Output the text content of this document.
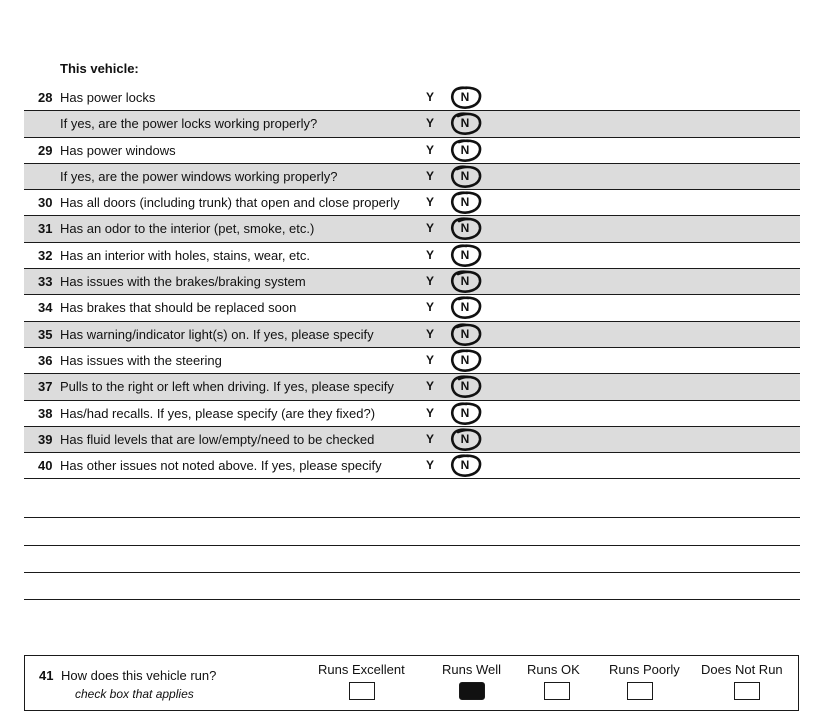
This vehicle:
28 Has power locks	Y	N
If yes, are the power locks working properly?	Y	N
29 Has power windows	Y	N
If yes, are the power windows working properly?	Y	N
30 Has all doors (including trunk) that open and close properly Y	N
31 Has an odor to the interior (pet, smoke, etc.)	Y	N
32 Has an interior with holes, stains, wear, etc.	Y	N
33 Has issues with the brakes/braking system	Y	N
34 Has brakes that should be replaced soon	Y	N
35 Has warning/indicator light(s) on. If yes, please specify	Y	N
36 Has issues with the steering	Y	N
37 Pulls to the right or left when driving. If yes, please specify	Y	N
38 Has/had recalls. If yes, please specify (are they fixed?)	Y	N
39 Has fluid levels that are low/empty/need to be checked	Y	N
40 Has other issues not noted above. If yes, please specify	Y	N
41 How does this vehicle run?
check box that applies
Runs Excellent	Runs Well Runs OK Runs Poorly Does Not Run
